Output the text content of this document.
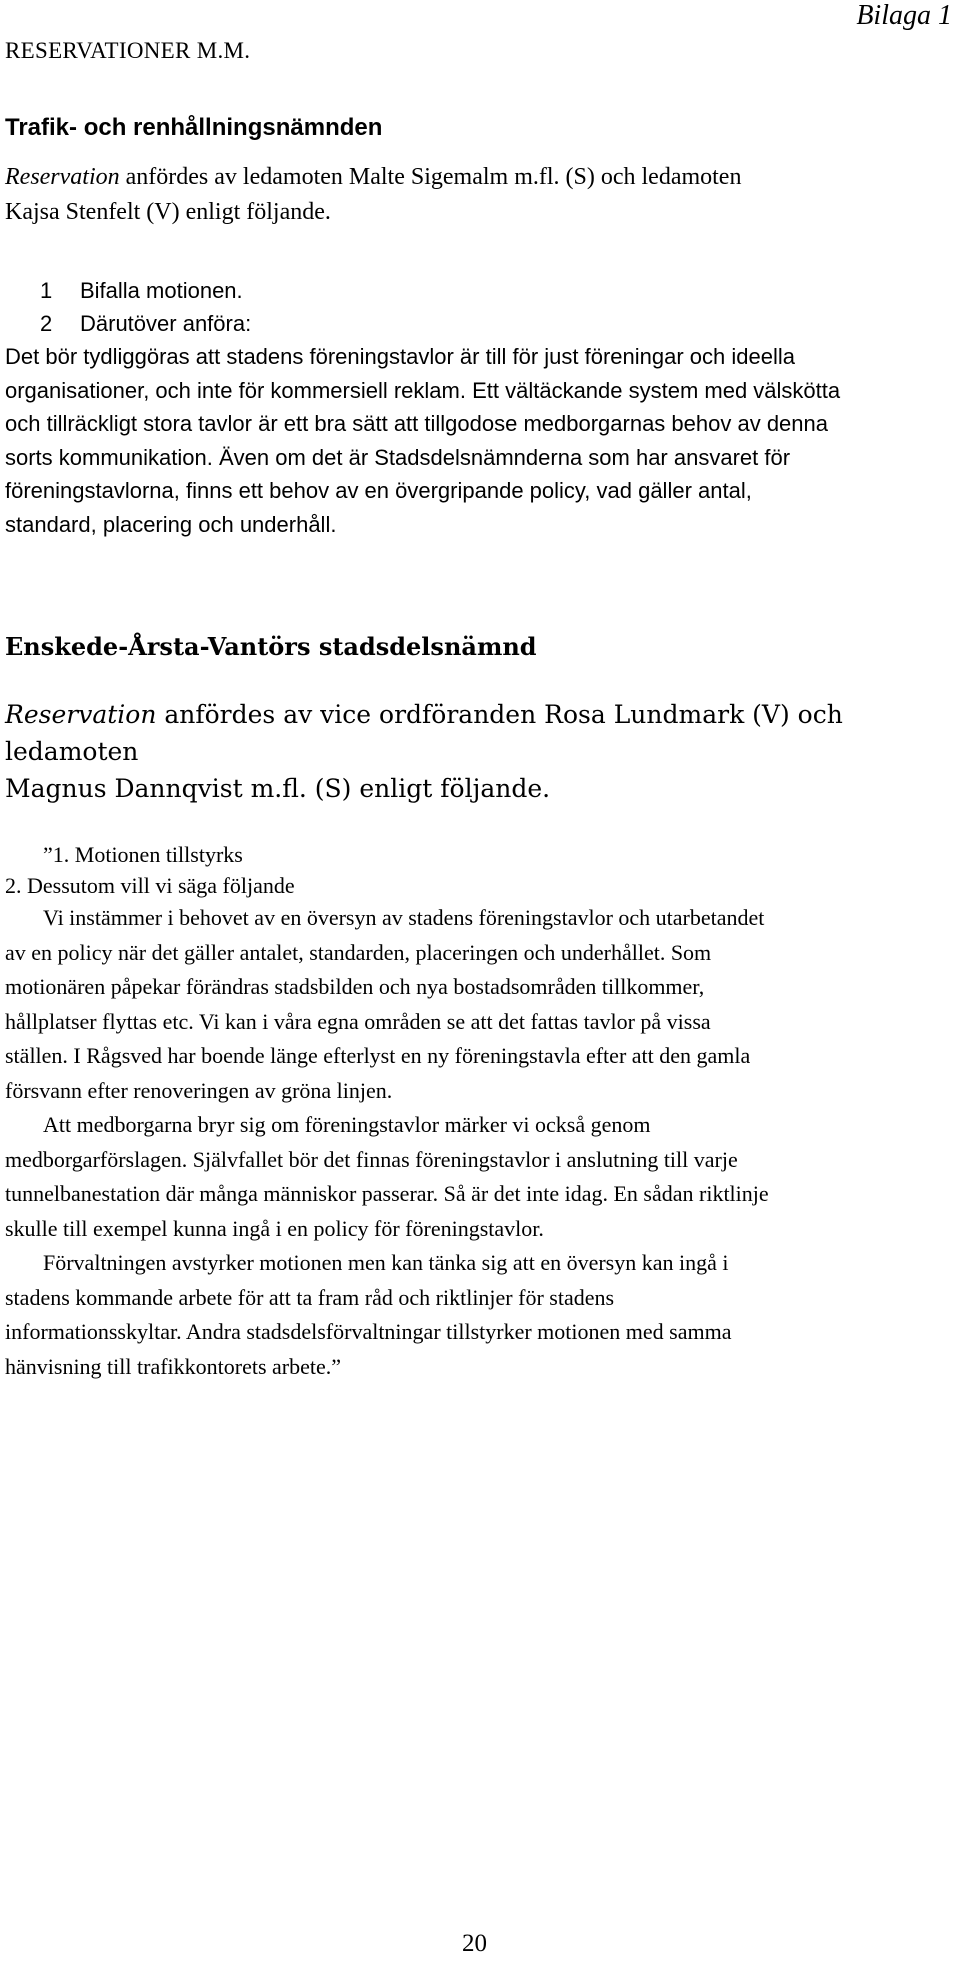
Bilaga 1
RESERVATIONER M.M.
Trafik- och renhållningsnämnden

Reservation anfördes av ledamoten Malte Sigemalm m.fl. (S) och ledamoten

Kajsa Stenfelt (V) enligt följande.

1 Bifalla motionen.

2 Därutöver anföra:

Det bör tydliggöras att stadens föreningstavlor är till för just föreningar och ideella

organisationer, och inte för kommersiell reklam. Ett vältäckande system med välskötta

och tillräckligt stora tavlor är ett bra sätt att tillgodose medborgarnas behov av denna

sorts kommunikation. Även om det är Stadsdelsnämnderna som har ansvaret för

föreningstavlorna, finns ett behov av en övergripande policy, vad gäller antal,

standard, placering och underhåll.

Enskede-Årsta-Vantörs stadsdelsnämnd

Reservation anfördes av vice ordföranden Rosa Lundmark (V) och ledamoten

Magnus Dannqvist m.fl. (S) enligt följande.

”1. Motionen tillstyrks

2. Dessutom vill vi säga följande

Vi instämmer i behovet av en översyn av stadens föreningstavlor och utarbetandet

av en policy när det gäller antalet, standarden, placeringen och underhållet. Som

motionären påpekar förändras stadsbilden och nya bostadsområden tillkommer,

hållplatser flyttas etc. Vi kan i våra egna områden se att det fattas tavlor på vissa

ställen. I Rågsved har boende länge efterlyst en ny föreningstavla efter att den gamla

försvann efter renoveringen av gröna linjen.

Att medborgarna bryr sig om föreningstavlor märker vi också genom

medborgarförslagen. Självfallet bör det finnas föreningstavlor i anslutning till varje

tunnelbanestation där många människor passerar. Så är det inte idag. En sådan riktlinje

skulle till exempel kunna ingå i en policy för föreningstavlor.

Förvaltningen avstyrker motionen men kan tänka sig att en översyn kan ingå i

stadens kommande arbete för att ta fram råd och riktlinjer för stadens

informationsskyltar. Andra stadsdelsförvaltningar tillstyrker motionen med samma

hänvisning till trafikkontorets arbete.”

20
